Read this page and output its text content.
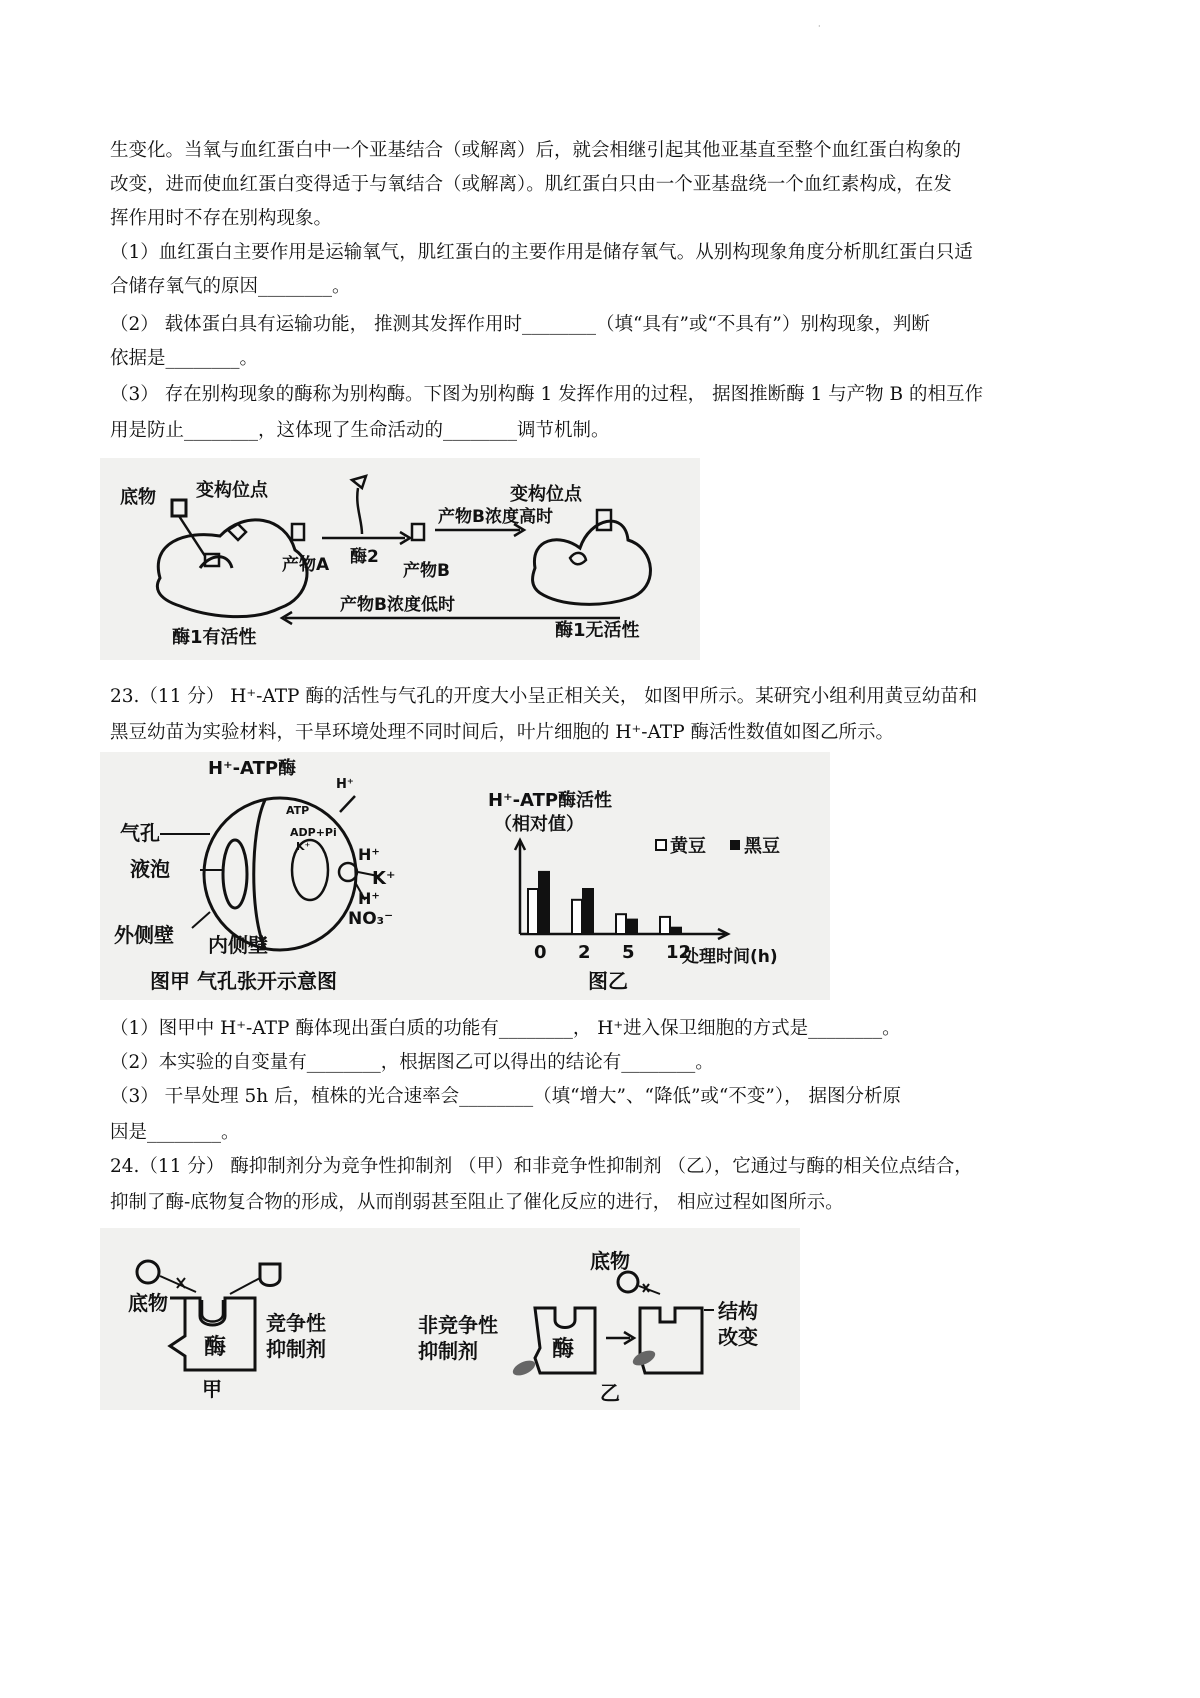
·
生变化。当氧与血红蛋白中一个亚基结合（或解离）后，就会相继引起其他亚基直至整个血红蛋白构象的
改变，进而使血红蛋白变得适于与氧结合（或解离）。肌红蛋白只由一个亚基盘绕一个血红素构成，在发
挥作用时不存在别构现象。
（1）血红蛋白主要作用是运输氧气，肌红蛋白的主要作用是储存氧气。从别构现象角度分析肌红蛋白只适
合储存氧气的原因________。
（2） 载体蛋白具有运输功能， 推测其发挥作用时________（填“具有”或“不具有”）别构现象，判断
依据是________。
（3） 存在别构现象的酶称为别构酶。下图为别构酶 1 发挥作用的过程， 据图推断酶 1 与产物 B 的相互作
用是防止________，这体现了生命活动的________调节机制。
底物 变构位点
产物A 酶2
产物B
产物B浓度高时
变构位点
酶1有活性
产物B浓度低时
酶1无活性
23.（11 分） H⁺-ATP 酶的活性与气孔的开度大小呈正相关关， 如图甲所示。某研究小组利用黄豆幼苗和
黑豆幼苗为实验材料，干旱环境处理不同时间后，叶片细胞的 H⁺-ATP 酶活性数值如图乙所示。
H⁺-ATP酶
H⁺
ATP
ADP+Pi
K⁺
气孔
液泡
H⁺
K⁺
H⁺
NO₃⁻
外侧壁 内侧壁
图甲 气孔张开示意图
H⁺-ATP酶活性
（相对值）
0 2 5 12
处理时间(h)
黄豆 黑豆
图乙
（1）图甲中 H⁺-ATP 酶体现出蛋白质的功能有________， H⁺进入保卫细胞的方式是________。
（2）本实验的自变量有________，根据图乙可以得出的结论有________。
（3） 干旱处理 5h 后，植株的光合速率会________（填“增大”、“降低”或“不变”）， 据图分析原
因是________。
24.（11 分） 酶抑制剂分为竞争性抑制剂 （甲）和非竞争性抑制剂 （乙），它通过与酶的相关位点结合，
抑制了酶-底物复合物的形成，从而削弱甚至阻止了催化反应的进行， 相应过程如图所示。
底物
酶
竞争性
抑制剂
甲
底物
非竞争性
抑制剂	酶
结构
改变
乙
